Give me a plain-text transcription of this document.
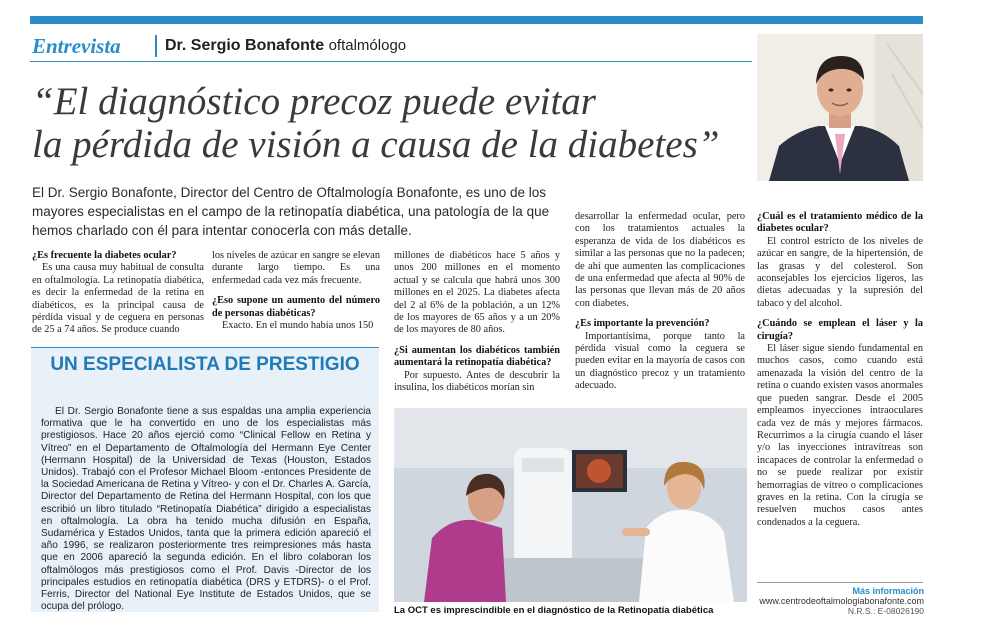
Entrevista	Dr. Sergio Bonafonte oftalmólogo
“El diagnóstico precoz puede evitar
la pérdida de visión a causa de la diabetes”
El Dr. Sergio Bonafonte, Director del Centro de Oftalmología Bonafonte, es uno de los mayores especialistas en el campo de la retinopatía diabética, una patología de la que hemos charlado con él para intentar conocerla con más detalle.

¿Es frecuente la diabetes ocular?

Es una causa muy habitual de consulta en oftalmología. La retinopatía diabética, es decir la enfermedad de la retina en diabéticos, es la principal causa de pérdida visual y de ceguera en personas de 25 a 74 años. Se produce cuando

los niveles de azúcar en sangre se elevan durante largo tiempo. Es una enfermedad cada vez más frecuente.

¿Eso supone un aumento del número de personas diabéticas?

Exacto. En el mundo había unos 150

millones de diabéticos hace 5 años y unos 200 millones en el momento actual y se calcula que habrá unos 300 millones en el 2025. La diabetes afecta del 2 al 6% de la población, a un 12% de los mayores de 65 años y a un 20% de los mayores de 80 años.

¿Si aumentan los diabéticos también aumentará la retinopatía diabética?

Por supuesto. Antes de descubrir la insulina, los diabéticos morían sin

desarrollar la enfermedad ocular, pero con los tratamientos actuales la esperanza de vida de los diabéticos es similar a las personas que no la padecen; de ahí que aumenten las complicaciones de una enfermedad que afecta al 90% de las personas que llevan más de 20 años con diabetes.

¿Es importante la prevención?

Importantísima, porque tanto la pérdida visual como la ceguera se pueden evitar en la mayoría de casos con un diagnóstico precoz y un tratamiento adecuado.

¿Cuál es el tratamiento médico de la diabetes ocular?

El control estricto de los niveles de azúcar en sangre, de la hipertensión, de las grasas y del colesterol. Son aconsejables los ejercicios ligeros, las dietas adecuadas y la supresión del tabaco y del alcohol.

¿Cuándo se emplean el láser y la cirugía?

El láser sigue siendo fundamental en muchos casos, como cuando está amenazada la visión del centro de la retina o cuando existen vasos anormales que pueden sangrar. Desde el 2005 empleamos inyecciones intraoculares cada vez de más y mejores fármacos. Recurrimos a la cirugía cuando el láser y/o las inyecciones intravítreas son incapaces de controlar la enfermedad o no se puede realizar por existir hemorragias de vítreo o complicaciones graves en la retina. Con la cirugía se resuelven muchos casos antes condenados a la ceguera.

UN ESPECIALISTA DE PRESTIGIO
El Dr. Sergio Bonafonte tiene a sus espaldas una amplia experiencia formativa que le ha convertido en uno de los especialistas más prestigiosos. Hace 20 años ejerció como “Clinical Fellow en Retina y Vítreo” en el Departamento de Oftalmología del Hermann Eye Center (Hermann Hospital) de la Universidad de Texas (Houston, Estados Unidos). Trabajó con el Profesor Michael Bloom -entonces Presidente de la Sociedad Americana de Retina y Vítreo- y con el Dr. Charles A. García, Director del Departamento de Retina del Hermann Hospital, con los que escribió un libro titulado “Retinopatía Diabética” dirigido a especialistas en oftalmología. La obra ha tenido mucha difusión en España, Sudamérica y Estados Unidos, tanta que la primera edición apareció el año 1996, se realizaron posteriormente tres reimpresiones más hasta que en 2006 apareció la segunda edición. En el libro colaboran los oftalmólogos más prestigiosos como el Prof. Davis -Director de los principales estudios en retinopatía diabética (DRS y ETDRS)- o el Prof. Ferris, Director del National Eye Institute de Estados Unidos, que se ocupa del prólogo.	La OCT es imprescindible en el diagnóstico de la Retinopatía diabética
Más información
www.centrodeoftalmologiabonafonte.com
N.R.S.: E-08026190
